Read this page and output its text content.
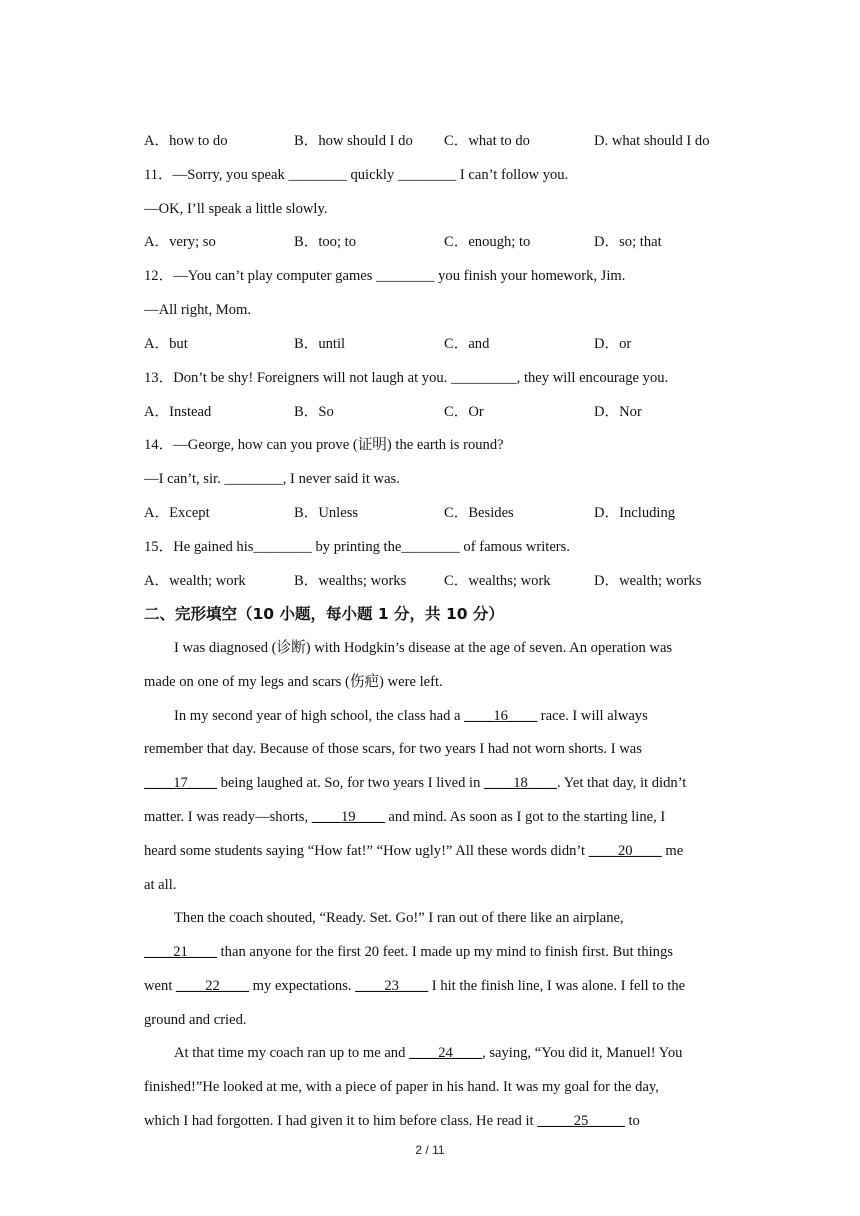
A．how to do	B．how should I do C．what to do	D. what should I do
11．—Sorry, you speak ________ quickly ________ I can’t follow you.
—OK, I’ll speak a little slowly.
A．very; so	B．too; to	C．enough; to	D．so; that
12．—You can’t play computer games ________ you finish your homework, Jim.
—All right, Mom.
A．but	B．until	C．and	D．or
13．Don’t be shy! Foreigners will not laugh at you. _________, they will encourage you.
A．Instead	B．So	C．Or	D．Nor
14．—George, how can you prove (证明) the earth is round?
—I can’t, sir. ________, I never said it was.
A．Except	B．Unless	C．Besides	D．Including
15．He gained his________ by printing the________ of famous writers.
A．wealth; work	B．wealths; works	C．wealths; work	D．wealth; works
二、完形填空（10 小题，每小题 1 分，共 10 分）
I was diagnosed (诊断) with Hodgkin’s disease at the age of seven. An operation was
made on one of my legs and scars (伤疤) were left.
In my second year of high school, the class had a ____16____ race. I will always
remember that day. Because of those scars, for two years I had not worn shorts. I was
____17____ being laughed at. So, for two years I lived in ____18____. Yet that day, it didn’t
matter. I was ready—shorts, ____19____ and mind. As soon as I got to the starting line, I
heard some students saying “How fat!” “How ugly!” All these words didn’t ____20____ me
at all.
Then the coach shouted, “Ready. Set. Go!” I ran out of there like an airplane,
____21____ than anyone for the first 20 feet. I made up my mind to finish first. But things
went ____22____ my expectations. ____23____ I hit the finish line, I was alone. I fell to the
ground and cried.
At that time my coach ran up to me and ____24____, saying, “You did it, Manuel! You
finished!”He looked at me, with a piece of paper in his hand. It was my goal for the day,
which I had forgotten. I had given it to him before class. He read it _____25_____ to
2 / 11
